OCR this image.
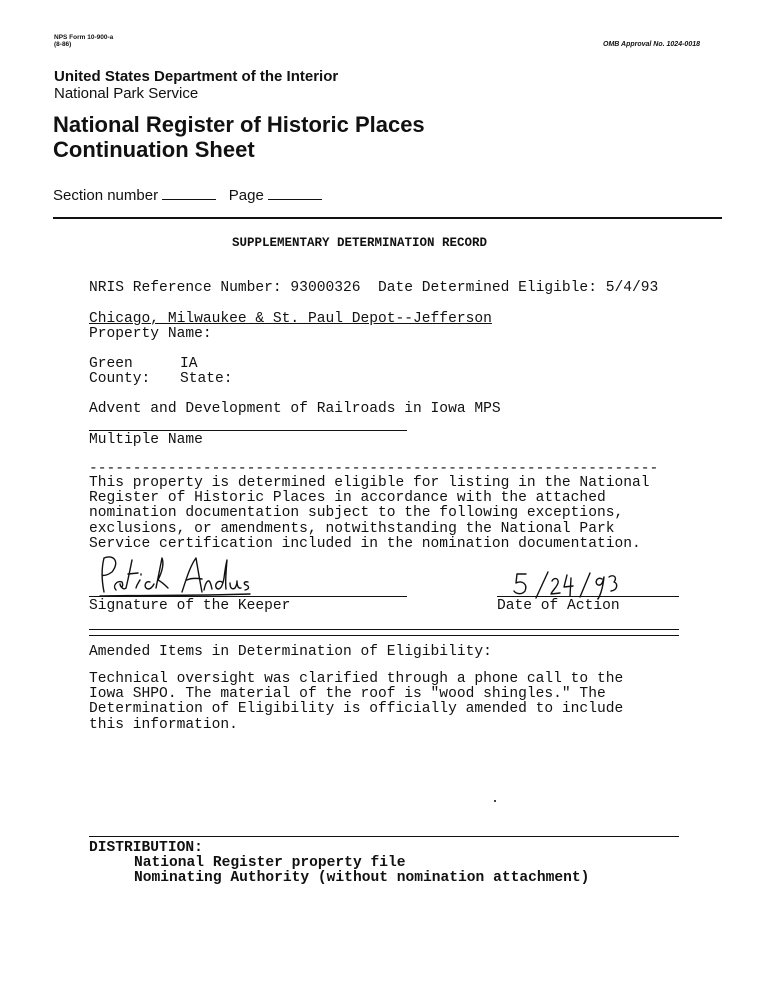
NPS Form 10-900-a
(8-86)	OMB Approval No. 1024-0018
United States Department of the Interior
National Park Service
National Register of Historic Places
Continuation Sheet
Section number	Page
SUPPLEMENTARY DETERMINATION RECORD
NRIS Reference Number: 93000326  Date Determined Eligible: 5/4/93
Chicago, Milwaukee & St. Paul Depot--Jefferson
Property Name:
Green	IA
County: State:
Advent and Development of Railroads in Iowa MPS
Multiple Name
-----------------------------------------------------------------
This property is determined eligible for listing in the National
Register of Historic Places in accordance with the attached
nomination documentation subject to the following exceptions,
exclusions, or amendments, notwithstanding the National Park
Service certification included in the nomination documentation.
Signature of the Keeper	Date of Action
Amended Items in Determination of Eligibility:
Technical oversight was clarified through a phone call to the
Iowa SHPO. The material of the roof is "wood shingles." The
Determination of Eligibility is officially amended to include
this information.
DISTRIBUTION:
National Register property file
Nominating Authority (without nomination attachment)
